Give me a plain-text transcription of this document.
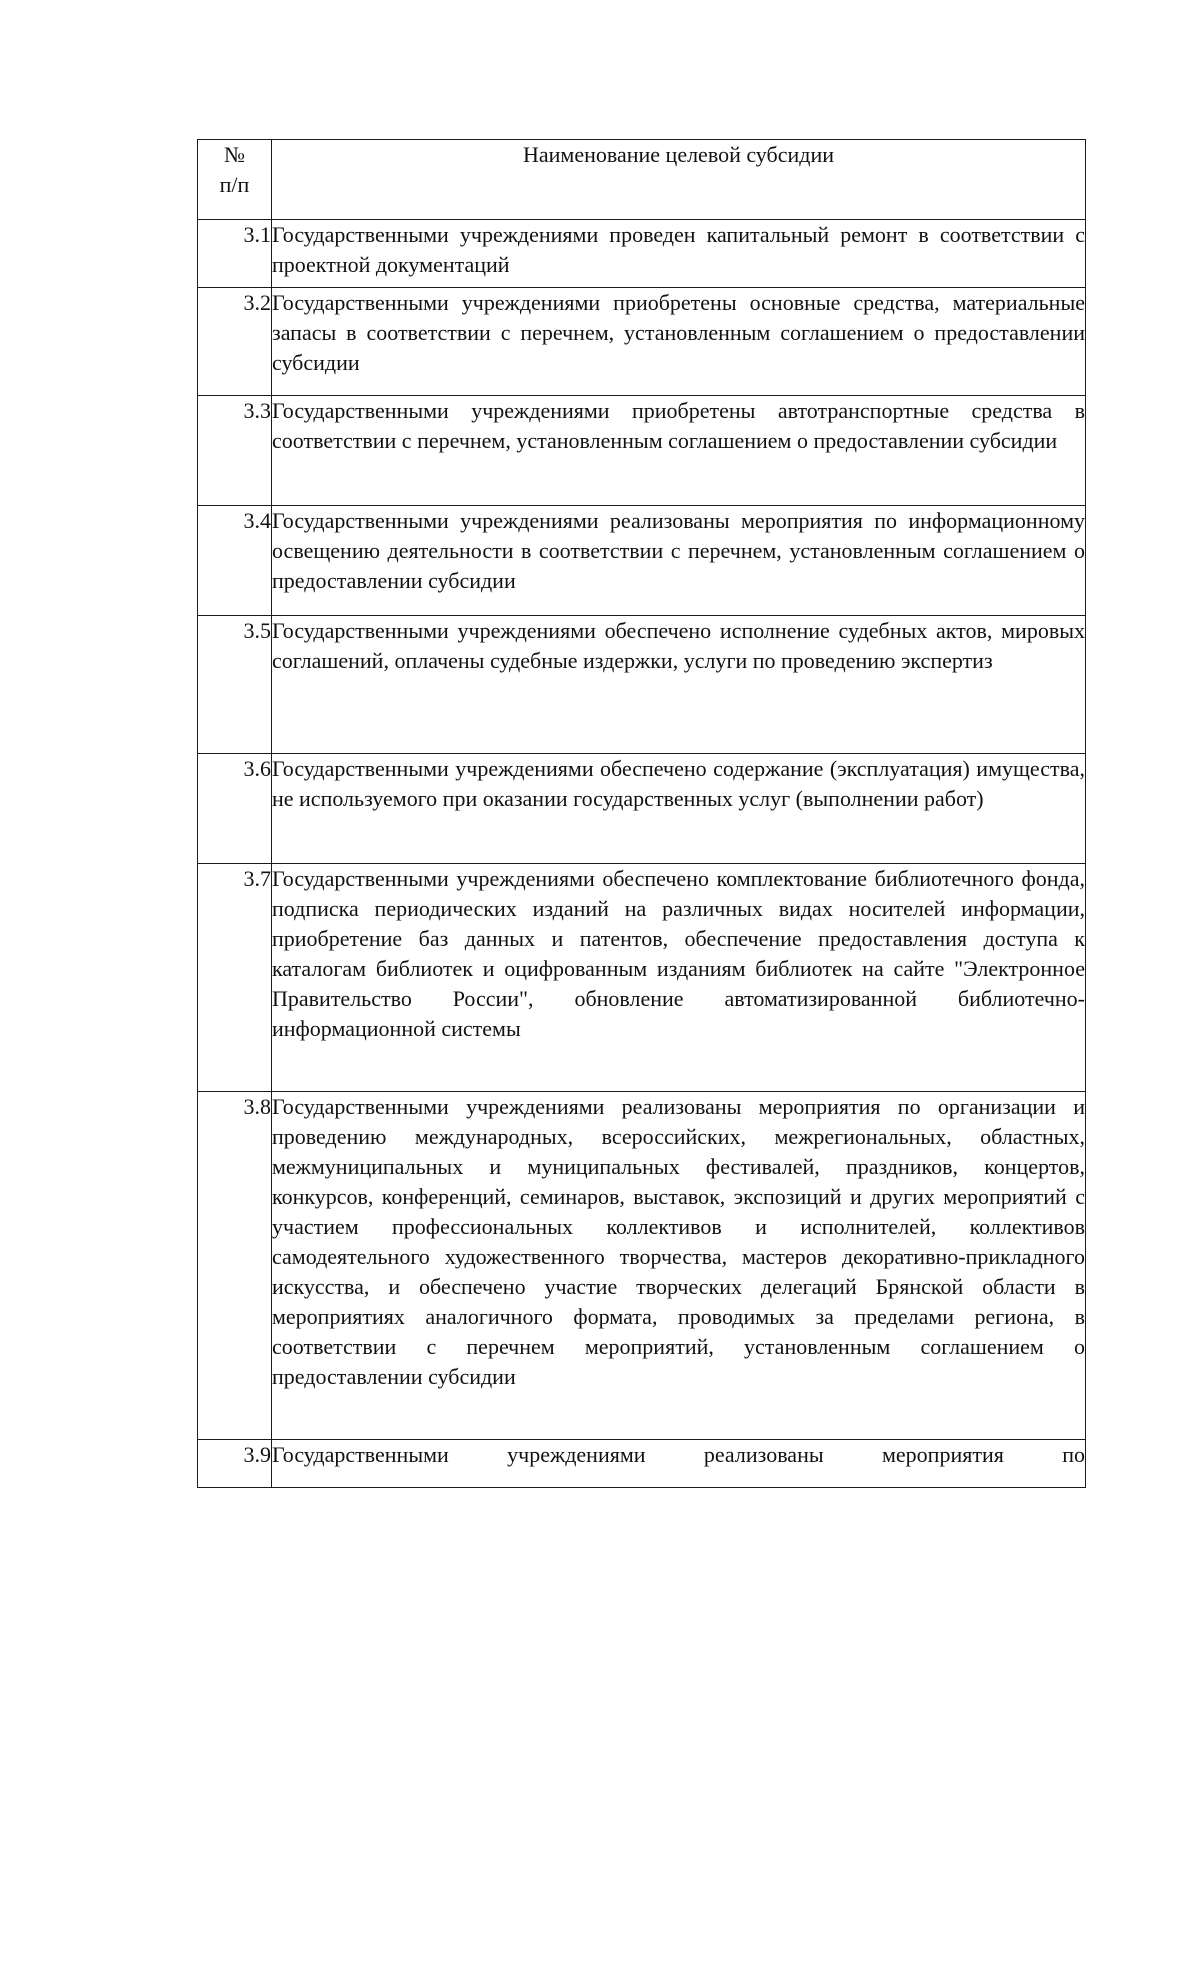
№
п/п	Наименование целевой субсидии
3.1	Государственными учреждениями проведен капитальный ремонт в соответствии с проектной документаций
3.2	Государственными учреждениями приобретены основные средства, материальные запасы в соответствии с перечнем, установленным соглашением о предоставлении субсидии
3.3	Государственными учреждениями приобретены автотранспортные средства в соответствии с перечнем, установленным соглашением о предоставлении субсидии
3.4	Государственными учреждениями реализованы мероприятия по информационному освещению деятельности в соответствии с перечнем, установленным соглашением о предоставлении субсидии
3.5	Государственными учреждениями обеспечено исполнение судебных актов, мировых соглашений, оплачены судебные издержки, услуги по проведению экспертиз
3.6	Государственными учреждениями обеспечено содержание (эксплуатация) имущества, не используемого при оказании государственных услуг (выполнении работ)
3.7	Государственными учреждениями обеспечено комплектование библиотечного фонда, подписка периодических изданий на различных видах носителей информации, приобретение баз данных и патентов, обеспечение предоставления доступа к каталогам библиотек и оцифрованным изданиям библиотек на сайте "Электронное Правительство России", обновление автоматизированной библиотечно-информационной системы
3.8	Государственными учреждениями реализованы мероприятия по организации и проведению международных, всероссийских, межрегиональных, областных, межмуниципальных и муниципальных фестивалей, праздников, концертов, конкурсов, конференций, семинаров, выставок, экспозиций и других мероприятий с участием профессиональных коллективов и исполнителей, коллективов самодеятельного художественного творчества, мастеров декоративно-прикладного искусства, и обеспечено участие творческих делегаций Брянской области в мероприятиях аналогичного формата, проводимых за пределами региона, в соответствии с перечнем мероприятий, установленным соглашением о предоставлении субсидии
3.9	Государственными учреждениями реализованы мероприятия по
